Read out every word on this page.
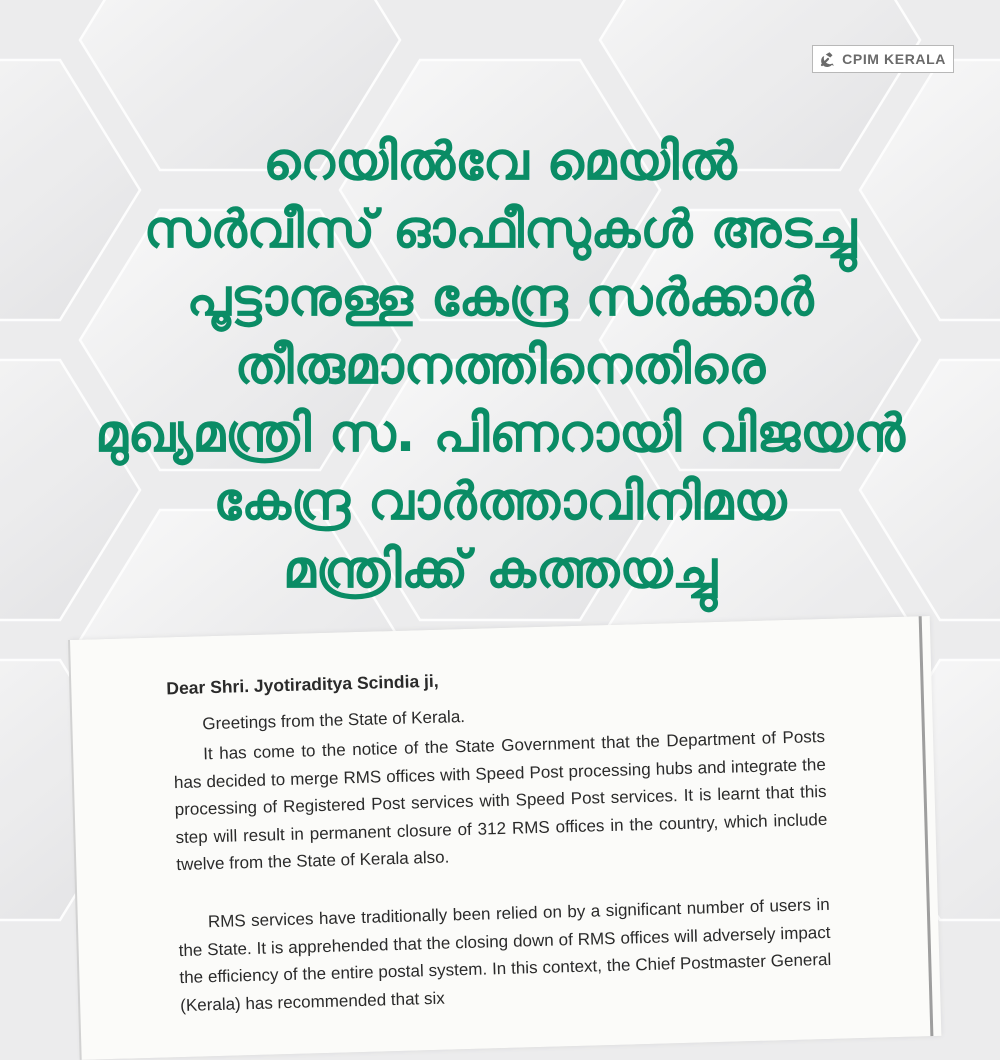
CPIM KERALA
റെയിൽവേ മെയിൽ
സർവീസ് ഓഫീസുകൾ അടച്ചു
പൂട്ടാനുള്ള കേന്ദ്ര സർക്കാർ
തീരുമാനത്തിനെതിരെ
മുഖ്യമന്ത്രി സ. പിണറായി വിജയൻ
കേന്ദ്ര വാർത്താവിനിമയ
മന്ത്രിക്ക് കത്തയച്ചു

Dear Shri. Jyotiraditya Scindia ji,

Greetings from the State of Kerala.

It has come to the notice of the State Government that the Department of Posts has decided to merge RMS offices with Speed Post processing hubs and integrate the processing of Registered Post services with Speed Post services. It is learnt that this step will result in permanent closure of 312 RMS offices in the country, which include twelve from the State of Kerala also.

RMS services have traditionally been relied on by a significant number of users in the State. It is apprehended that the closing down of RMS offices will adversely impact the efficiency of the entire postal system. In this context, the Chief Postmaster General (Kerala) has recommended that six
